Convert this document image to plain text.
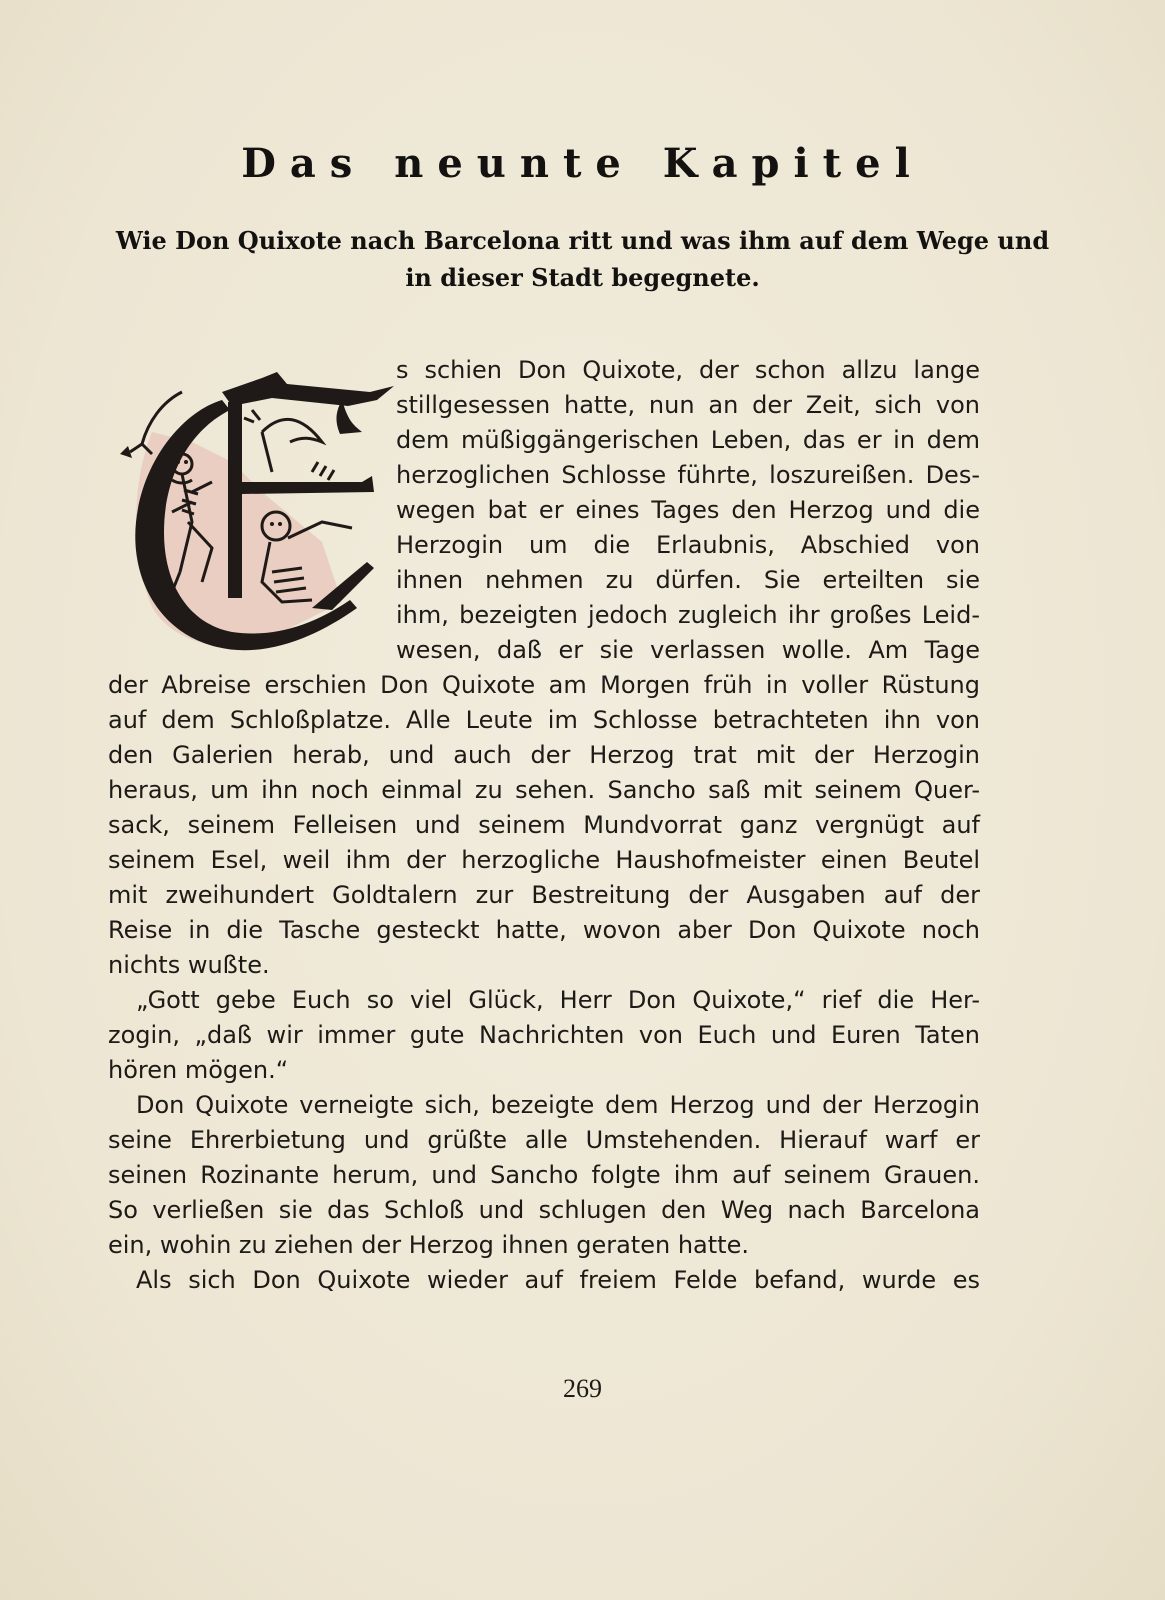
Das neunte Kapitel
Wie Don Quixote nach Barcelona ritt und was ihm auf dem Wege und
in dieser Stadt begegnete.
s schien Don Quixote, der schon allzu lange
stillgesessen hatte, nun an der Zeit, sich von
dem müßiggängerischen Leben, das er in dem
herzoglichen Schlosse führte, loszureißen. Des-
wegen bat er eines Tages den Herzog und die
Herzogin um die Erlaubnis, Abschied von
ihnen nehmen zu dürfen. Sie erteilten sie
ihm, bezeigten jedoch zugleich ihr großes Leid-
wesen, daß er sie verlassen wolle. Am Tage
der Abreise erschien Don Quixote am Morgen früh in voller Rüstung
auf dem Schloßplatze. Alle Leute im Schlosse betrachteten ihn von
den Galerien herab, und auch der Herzog trat mit der Herzogin
heraus, um ihn noch einmal zu sehen. Sancho saß mit seinem Quer-
sack, seinem Felleisen und seinem Mundvorrat ganz vergnügt auf
seinem Esel, weil ihm der herzogliche Haushofmeister einen Beutel
mit zweihundert Goldtalern zur Bestreitung der Ausgaben auf der
Reise in die Tasche gesteckt hatte, wovon aber Don Quixote noch
nichts wußte.
„Gott gebe Euch so viel Glück, Herr Don Quixote,“ rief die Her-
zogin, „daß wir immer gute Nachrichten von Euch und Euren Taten
hören mögen.“
Don Quixote verneigte sich, bezeigte dem Herzog und der Herzogin
seine Ehrerbietung und grüßte alle Umstehenden. Hierauf warf er
seinen Rozinante herum, und Sancho folgte ihm auf seinem Grauen.
So verließen sie das Schloß und schlugen den Weg nach Barcelona
ein, wohin zu ziehen der Herzog ihnen geraten hatte.
Als sich Don Quixote wieder auf freiem Felde befand, wurde es
269
